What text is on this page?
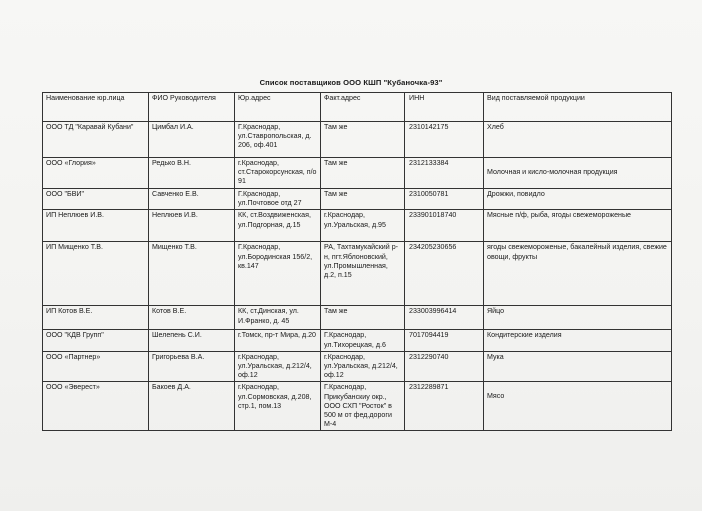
Список поставщиков ООО КШП "Кубаночка-93"
Наименование юр.лица	ФИО Руководителя	Юр.адрес	Факт.адрес	ИНН	Вид поставляемой продукции
ООО ТД "Каравай Кубани"	Цимбал И.А.	Г.Краснодар, ул.Ставропольская, д. 206, оф.401	Там же	2310142175	Хлеб
ООО «Глория»	Редько В.Н.	г.Краснодар, ст.Старокорсунская, п/о 91	Там же	2312133384	Молочная и кисло-молочная продукция
ООО "БВИ"	Савченко Е.В.	Г.Краснодар, ул.Почтовое отд 27	Там же	2310050781	Дрожжи, повидло
ИП Неплюев И.В.	Неплюев И.В.	КК, ст.Воздвиженская, ул.Подгорная, д.15	г.Краснодар, ул.Уральская, д.95	233901018740	Мясные п/ф, рыба, ягоды свежемороженые
ИП Мищенко Т.В.	Мищенко Т.В.	Г.Краснодар, ул.Бородинская 156/2, кв.147	РА, Тахтамукайский р-н, пгт.Яблоновский, ул.Промышленная, д.2, п.15	234205230656	ягоды свежемороженые, бакалейный изделия, свежие овощи, фрукты
ИП Котов В.Е.	Котов В.Е.	КК, ст.Динская, ул. И.Франко, д. 45	Там же	233003996414	Яйцо
ООО "КДВ Групп"	Шелепень С.И.	г.Томск, пр-т Мира, д.20	Г.Краснодар, ул.Тихорецкая, д.6	7017094419	Кондитерские изделия
ООО «Партнер»	Григорьева В.А.	г.Краснодар, ул.Уральская, д.212/4, оф.12	г.Краснодар, ул.Уральская, д.212/4, оф.12	2312290740	Мука
ООО «Эверест»	Бакоев Д.А.	г.Краснодар, ул.Сормовская, д.208, стр.1, пом.13	Г.Краснодар, Прикубанскиу окр., ООО СХП "Росток" в 500 м от фед.дороги М-4	2312289871	Мясо
